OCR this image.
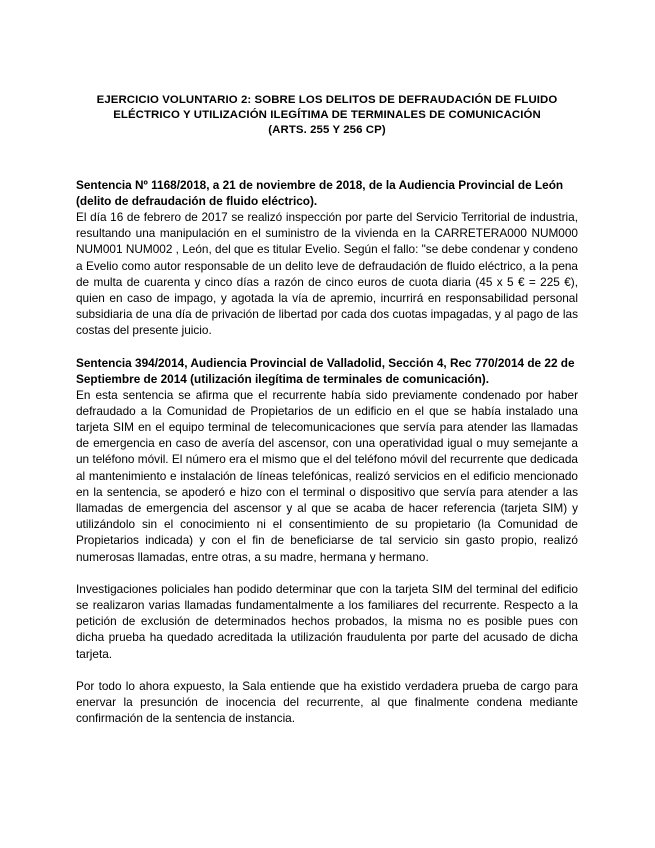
EJERCICIO VOLUNTARIO 2: SOBRE LOS DELITOS DE DEFRAUDACIÓN DE FLUIDO
ELÉCTRICO Y UTILIZACIÓN ILEGÍTIMA DE TERMINALES DE COMUNICACIÓN
(ARTS. 255 Y 256 CP)

Sentencia Nº 1168/2018, a 21 de noviembre de 2018, de la Audiencia Provincial de León (delito de defraudación de fluido eléctrico).

El día 16 de febrero de 2017 se realizó inspección por parte del Servicio Territorial de industria, resultando una manipulación en el suministro de la vivienda en la CARRETERA000 NUM000 NUM001 NUM002 , León, del que es titular Evelio. Según el fallo: "se debe condenar y condeno a Evelio como autor responsable de un delito leve de defraudación de fluido eléctrico, a la pena de multa de cuarenta y cinco días a razón de cinco euros de cuota diaria (45 x 5 € = 225 €), quien en caso de impago, y agotada la vía de apremio, incurrirá en responsabilidad personal subsidiaria de una día de privación de libertad por cada dos cuotas impagadas, y al pago de las costas del presente juicio.

Sentencia 394/2014, Audiencia Provincial de Valladolid, Sección 4, Rec 770/2014 de 22 de Septiembre de 2014 (utilización ilegítima de terminales de comunicación).

En esta sentencia se afirma que el recurrente había sido previamente condenado por haber defraudado a la Comunidad de Propietarios de un edificio en el que se había instalado una tarjeta SIM en el equipo terminal de telecomunicaciones que servía para atender las llamadas de emergencia en caso de avería del ascensor, con una operatividad igual o muy semejante a un teléfono móvil. El número era el mismo que el del teléfono móvil del recurrente que dedicada al mantenimiento e instalación de líneas telefónicas, realizó servicios en el edificio mencionado en la sentencia, se apoderó e hizo con el terminal o dispositivo que servía para atender a las llamadas de emergencia del ascensor y al que se acaba de hacer referencia (tarjeta SIM) y utilizándolo sin el conocimiento ni el consentimiento de su propietario (la Comunidad de Propietarios indicada) y con el fin de beneficiarse de tal servicio sin gasto propio, realizó numerosas llamadas, entre otras, a su madre, hermana y hermano.

Investigaciones policiales han podido determinar que con la tarjeta SIM del terminal del edificio se realizaron varias llamadas fundamentalmente a los familiares del recurrente. Respecto a la petición de exclusión de determinados hechos probados, la misma no es posible pues con dicha prueba ha quedado acreditada la utilización fraudulenta por parte del acusado de dicha tarjeta.

Por todo lo ahora expuesto, la Sala entiende que ha existido verdadera prueba de cargo para enervar la presunción de inocencia del recurrente, al que finalmente condena mediante confirmación de la sentencia de instancia.
